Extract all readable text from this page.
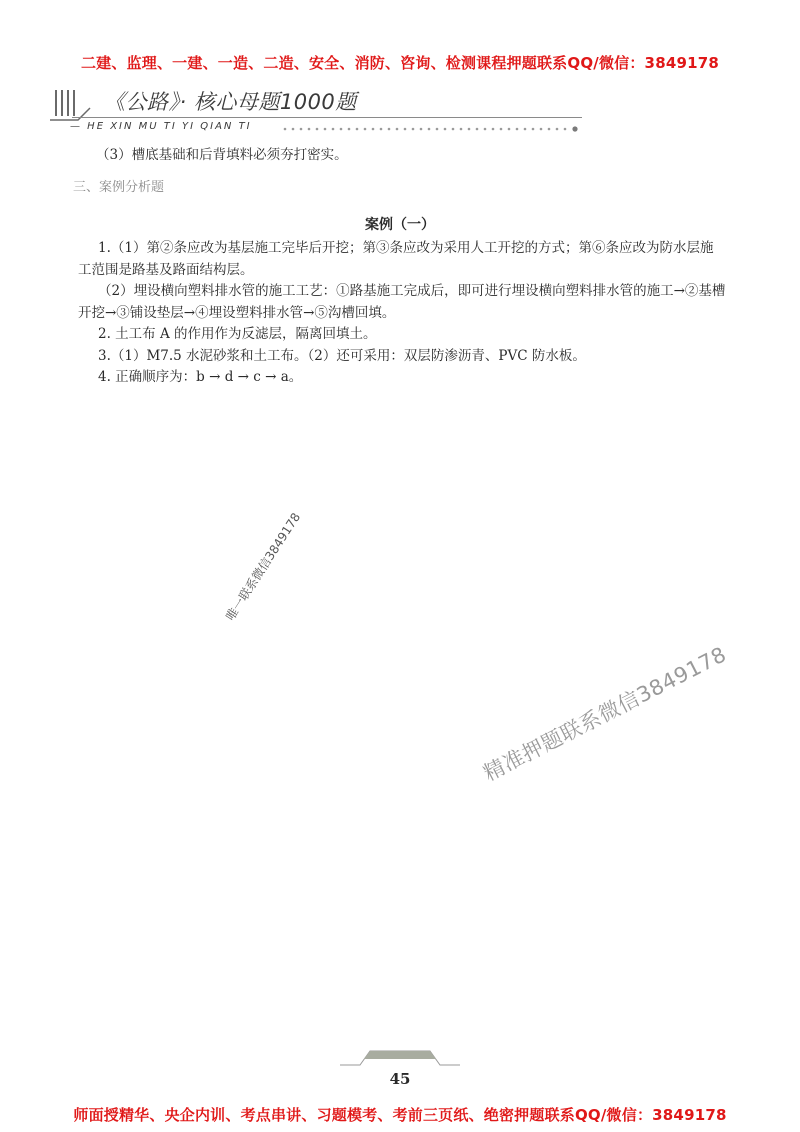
二建、监理、一建、一造、二造、安全、消防、咨询、检测课程押题联系QQ/微信：3849178
《公路》· 核心母题1000题
— HE XIN MU TI YI QIAN TI
（3）槽底基础和后背填料必须夯打密实。
三、案例分析题
案例（一）

1.（1）第②条应改为基层施工完毕后开挖；第③条应改为采用人工开挖的方式；第⑥条应改为防水层施工范围是路基及路面结构层。

（2）埋设横向塑料排水管的施工工艺：①路基施工完成后，即可进行埋设横向塑料排水管的施工→②基槽开挖→③铺设垫层→④埋设塑料排水管→⑤沟槽回填。

2. 土工布 A 的作用作为反滤层，隔离回填土。

3.（1）M7.5 水泥砂浆和土工布。（2）还可采用：双层防渗沥青、PVC 防水板。

4. 正确顺序为：b → d → c → a。

唯一联系微信3849178
精准押题联系微信3849178
45
师面授精华、央企内训、考点串讲、习题模考、考前三页纸、绝密押题联系QQ/微信：3849178
